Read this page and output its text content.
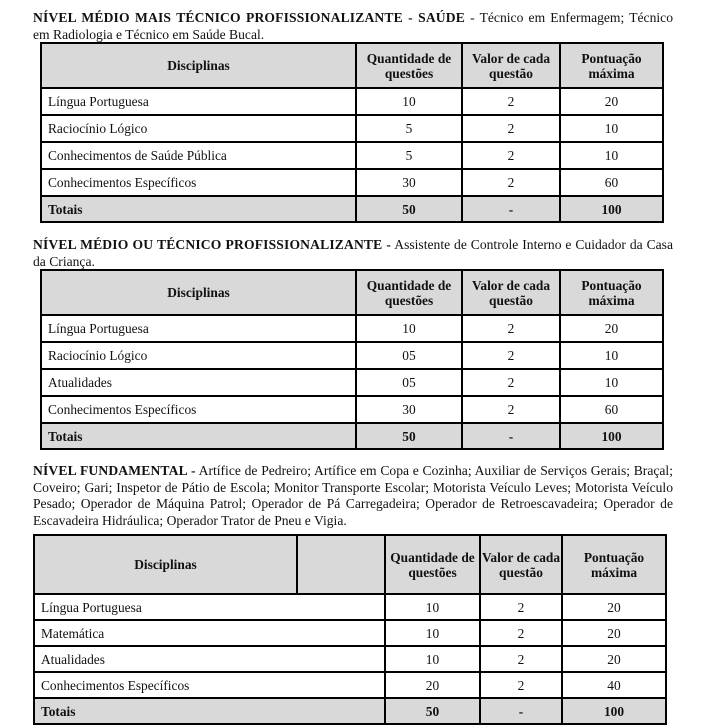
NÍVEL MÉDIO MAIS TÉCNICO PROFISSIONALIZANTE - SAÚDE - Técnico em Enfermagem; Técnico em Radiologia e Técnico em Saúde Bucal.
Disciplinas	Quantidade de questões	Valor de cada questão	Pontuação máxima
Língua Portuguesa	10	2	20
Raciocínio Lógico	5	2	10
Conhecimentos de Saúde Pública	5	2	10
Conhecimentos Específicos	30	2	60
Totais	50	-	100
NÍVEL MÉDIO OU TÉCNICO PROFISSIONALIZANTE - Assistente de Controle Interno e Cuidador da Casa da Criança.
Disciplinas	Quantidade de questões	Valor de cada questão	Pontuação máxima
Língua Portuguesa	10	2	20
Raciocínio Lógico	05	2	10
Atualidades	05	2	10
Conhecimentos Específicos	30	2	60
Totais	50	-	100
NÍVEL FUNDAMENTAL - Artífice de Pedreiro; Artífice em Copa e Cozinha; Auxiliar de Serviços Gerais; Braçal; Coveiro; Gari; Inspetor de Pátio de Escola; Monitor Transporte Escolar; Motorista Veículo Leves; Motorista Veículo Pesado; Operador de Máquina Patrol; Operador de Pá Carregadeira; Operador de Retroescavadeira; Operador de Escavadeira Hidráulica; Operador Trator de Pneu e Vigia.
Disciplinas		Quantidade de questões	Valor de cada questão	Pontuação máxima
Língua Portuguesa		10	2	20
Matemática		10	2	20
Atualidades		10	2	20
Conhecimentos Específicos		20	2	40
Totais		50	-	100
